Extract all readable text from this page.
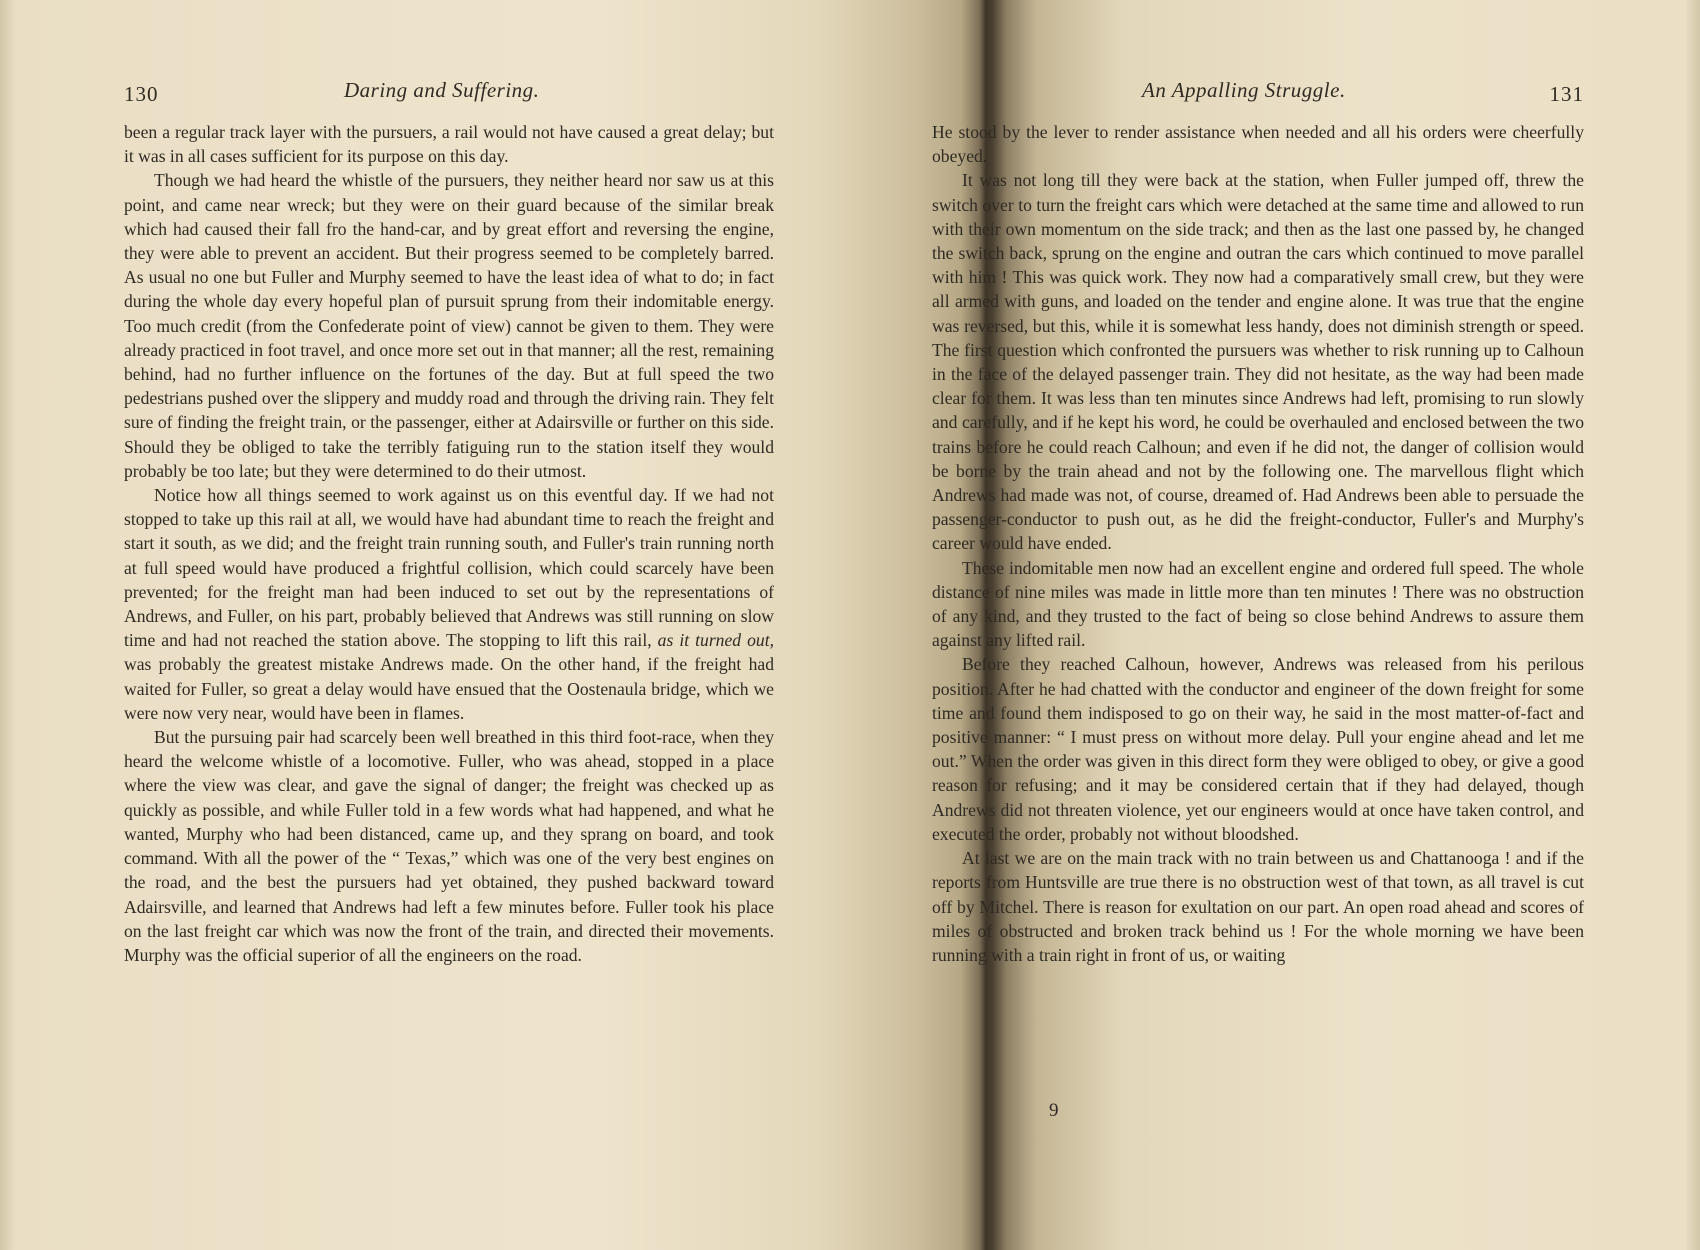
130	Daring and Suffering.

been a regular track layer with the pursuers, a rail would not have caused a great delay; but it was in all cases sufficient for its purpose on this day.

Though we had heard the whistle of the pursuers, they neither heard nor saw us at this point, and came near wreck; but they were on their guard because of the similar break which had caused their fall fro the hand-car, and by great effort and reversing the engine, they were able to prevent an accident. But their progress seemed to be completely barred. As usual no one but Fuller and Murphy seemed to have the least idea of what to do; in fact during the whole day every hopeful plan of pursuit sprung from their indomitable energy. Too much credit (from the Confederate point of view) cannot be given to them. They were already practiced in foot travel, and once more set out in that manner; all the rest, remaining behind, had no further influence on the fortunes of the day. But at full speed the two pedestrians pushed over the slippery and muddy road and through the driving rain. They felt sure of finding the freight train, or the passenger, either at Adairsville or further on this side. Should they be obliged to take the terribly fatiguing run to the station itself they would probably be too late; but they were determined to do their utmost.

Notice how all things seemed to work against us on this eventful day. If we had not stopped to take up this rail at all, we would have had abundant time to reach the freight and start it south, as we did; and the freight train running south, and Fuller's train running north at full speed would have produced a frightful collision, which could scarcely have been prevented; for the freight man had been induced to set out by the representations of Andrews, and Fuller, on his part, probably believed that Andrews was still running on slow time and had not reached the station above. The stopping to lift this rail, as it turned out, was probably the greatest mistake Andrews made. On the other hand, if the freight had waited for Fuller, so great a delay would have ensued that the Oostenaula bridge, which we were now very near, would have been in flames.

But the pursuing pair had scarcely been well breathed in this third foot-race, when they heard the welcome whistle of a locomotive. Fuller, who was ahead, stopped in a place where the view was clear, and gave the signal of danger; the freight was checked up as quickly as possible, and while Fuller told in a few words what had happened, and what he wanted, Murphy who had been distanced, came up, and they sprang on board, and took command. With all the power of the “ Texas,” which was one of the very best engines on the road, and the best the pursuers had yet obtained, they pushed backward toward Adairsville, and learned that Andrews had left a few minutes before. Fuller took his place on the last freight car which was now the front of the train, and directed their movements. Murphy was the official superior of all the engineers on the road.

An Appalling Struggle.	131

He stood by the lever to render assistance when needed and all his orders were cheerfully obeyed.

It was not long till they were back at the station, when Fuller jumped off, threw the switch over to turn the freight cars which were detached at the same time and allowed to run with their own momentum on the side track; and then as the last one passed by, he changed the switch back, sprung on the engine and outran the cars which continued to move parallel with him ! This was quick work. They now had a comparatively small crew, but they were all armed with guns, and loaded on the tender and engine alone. It was true that the engine was reversed, but this, while it is somewhat less handy, does not diminish strength or speed. The first question which confronted the pursuers was whether to risk running up to Calhoun in the face of the delayed passenger train. They did not hesitate, as the way had been made clear for them. It was less than ten minutes since Andrews had left, promising to run slowly and carefully, and if he kept his word, he could be overhauled and enclosed between the two trains before he could reach Calhoun; and even if he did not, the danger of collision would be borne by the train ahead and not by the following one. The marvellous flight which Andrews had made was not, of course, dreamed of. Had Andrews been able to persuade the passenger-conductor to push out, as he did the freight-conductor, Fuller's and Murphy's career would have ended.

These indomitable men now had an excellent engine and ordered full speed. The whole distance of nine miles was made in little more than ten minutes ! There was no obstruction of any kind, and they trusted to the fact of being so close behind Andrews to assure them against any lifted rail.

Before they reached Calhoun, however, Andrews was released from his perilous position. After he had chatted with the conductor and engineer of the down freight for some time and found them indisposed to go on their way, he said in the most matter-of-fact and positive manner: “ I must press on without more delay. Pull your engine ahead and let me out.” When the order was given in this direct form they were obliged to obey, or give a good reason for refusing; and it may be considered certain that if they had delayed, though Andrews did not threaten violence, yet our engineers would at once have taken control, and executed the order, probably not without bloodshed.

At last we are on the main track with no train between us and Chattanooga ! and if the reports from Huntsville are true there is no obstruction west of that town, as all travel is cut off by Mitchel. There is reason for exultation on our part. An open road ahead and scores of miles of obstructed and broken track behind us ! For the whole morning we have been running with a train right in front of us, or waiting

9
